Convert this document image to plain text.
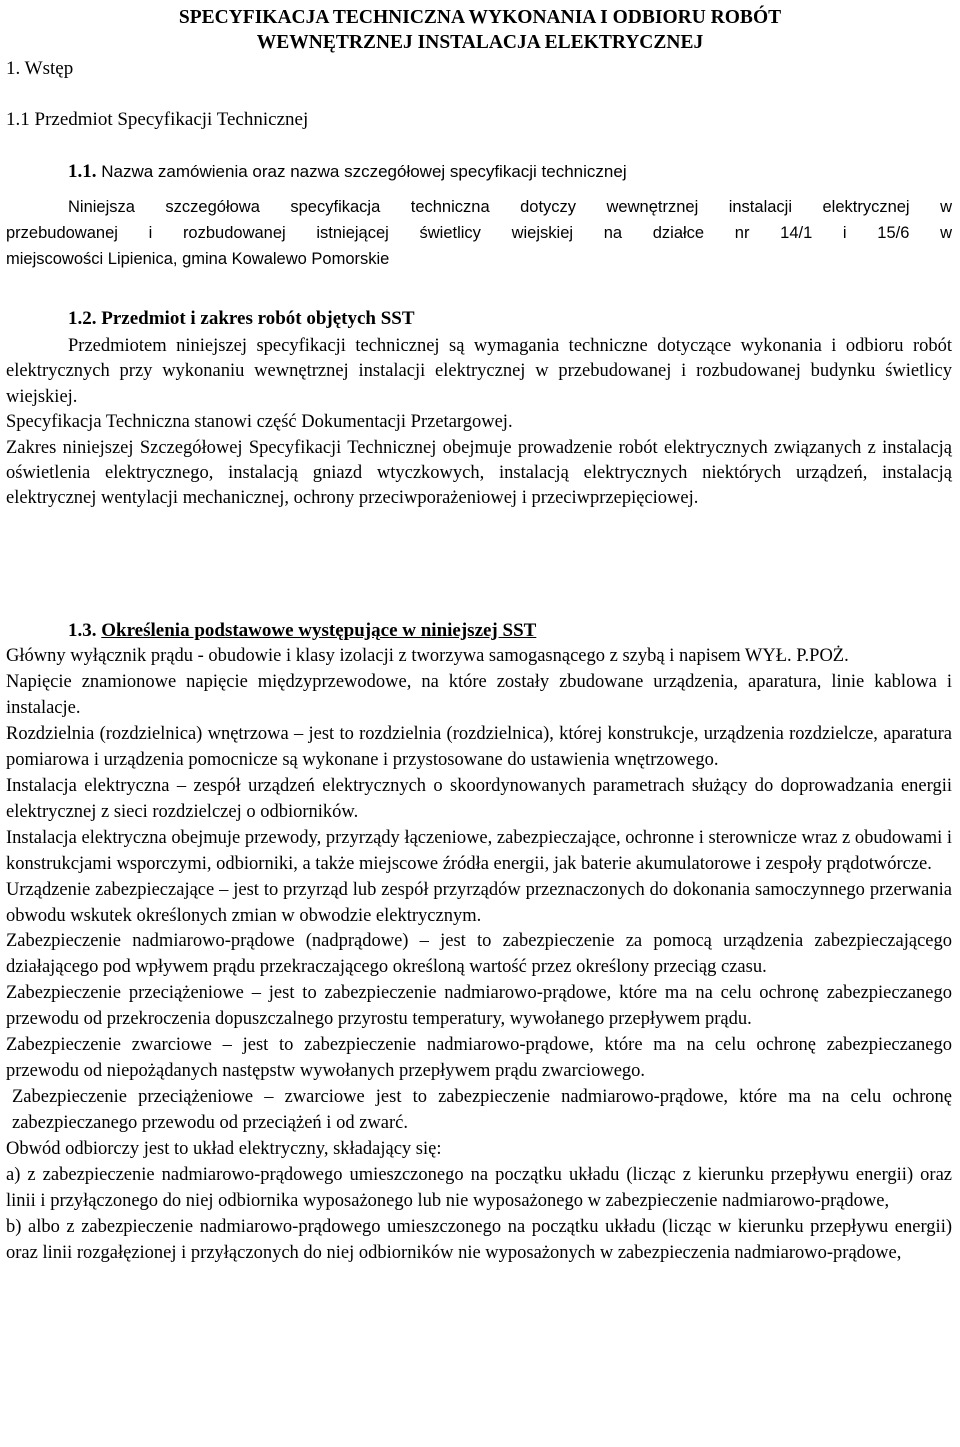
SPECYFIKACJA TECHNICZNA WYKONANIA I ODBIORU ROBÓT
WEWNĘTRZNEJ INSTALACJA ELEKTRYCZNEJ
1. Wstęp
1.1 Przedmiot Specyfikacji Technicznej
1.1. Nazwa zamówienia oraz nazwa szczegółowej specyfikacji technicznej
Niniejsza szczegółowa specyfikacja techniczna dotyczy wewnętrznej instalacji elektrycznej w
przebudowanej i rozbudowanej istniejącej świetlicy wiejskiej na działce nr 14/1 i 15/6 w
miejscowości Lipienica, gmina Kowalewo Pomorskie
1.2. Przedmiot i zakres robót objętych SST

Przedmiotem niniejszej specyfikacji technicznej są wymagania techniczne dotyczące wykonania i odbioru robót elektrycznych przy wykonaniu wewnętrznej instalacji elektrycznej w przebudowanej i rozbudowanej budynku świetlicy wiejskiej.

Specyfikacja Techniczna stanowi część Dokumentacji Przetargowej.

Zakres niniejszej Szczegółowej Specyfikacji Technicznej obejmuje prowadzenie robót elektrycznych związanych z instalacją oświetlenia elektrycznego, instalacją gniazd wtyczkowych, instalacją elektrycznych niektórych urządzeń, instalacją elektrycznej wentylacji mechanicznej, ochrony przeciwporażeniowej i przeciwprzepięciowej.

1.3. Określenia podstawowe występujące w niniejszej SST

Główny wyłącznik prądu - obudowie i klasy izolacji z tworzywa samogasnącego z szybą i napisem WYŁ. P.POŻ.

Napięcie znamionowe napięcie międzyprzewodowe, na które zostały zbudowane urządzenia, aparatura, linie kablowa i instalacje.

Rozdzielnia (rozdzielnica) wnętrzowa – jest to rozdzielnia (rozdzielnica), której konstrukcje, urządzenia rozdzielcze, aparatura pomiarowa i urządzenia pomocnicze są wykonane i przystosowane do ustawienia wnętrzowego.

Instalacja elektryczna – zespół urządzeń elektrycznych o skoordynowanych parametrach służący do doprowadzania energii elektrycznej z sieci rozdzielczej o odbiorników.

Instalacja elektryczna obejmuje przewody, przyrządy łączeniowe, zabezpieczające, ochronne i sterownicze wraz z obudowami i konstrukcjami wsporczymi, odbiorniki, a także miejscowe źródła energii, jak baterie akumulatorowe i zespoły prądotwórcze.

Urządzenie zabezpieczające – jest to przyrząd lub zespół przyrządów przeznaczonych do dokonania samoczynnego przerwania obwodu wskutek określonych zmian w obwodzie elektrycznym.

Zabezpieczenie nadmiarowo-prądowe (nadprądowe) – jest to zabezpieczenie za pomocą urządzenia zabezpieczającego działającego pod wpływem prądu przekraczającego określoną wartość przez określony przeciąg czasu.

Zabezpieczenie przeciążeniowe – jest to zabezpieczenie nadmiarowo-prądowe, które ma na celu ochronę zabezpieczanego przewodu od przekroczenia dopuszczalnego przyrostu temperatury, wywołanego przepływem prądu.

Zabezpieczenie zwarciowe – jest to zabezpieczenie nadmiarowo-prądowe, które ma na celu ochronę zabezpieczanego przewodu od niepożądanych następstw wywołanych przepływem prądu zwarciowego.

Zabezpieczenie przeciążeniowe – zwarciowe jest to zabezpieczenie nadmiarowo-prądowe, które ma na celu ochronę zabezpieczanego przewodu od przeciążeń i od zwarć.

Obwód odbiorczy jest to układ elektryczny, składający się:

a) z zabezpieczenie nadmiarowo-prądowego umieszczonego na początku układu (licząc z kierunku przepływu energii) oraz linii i przyłączonego do niej odbiornika wyposażonego lub nie wyposażonego w zabezpieczenie nadmiarowo-prądowe,

b) albo z zabezpieczenie nadmiarowo-prądowego umieszczonego na początku układu (licząc w kierunku przepływu energii) oraz linii rozgałęzionej i przyłączonych do niej odbiorników nie wyposażonych w zabezpieczenia nadmiarowo-prądowe,
